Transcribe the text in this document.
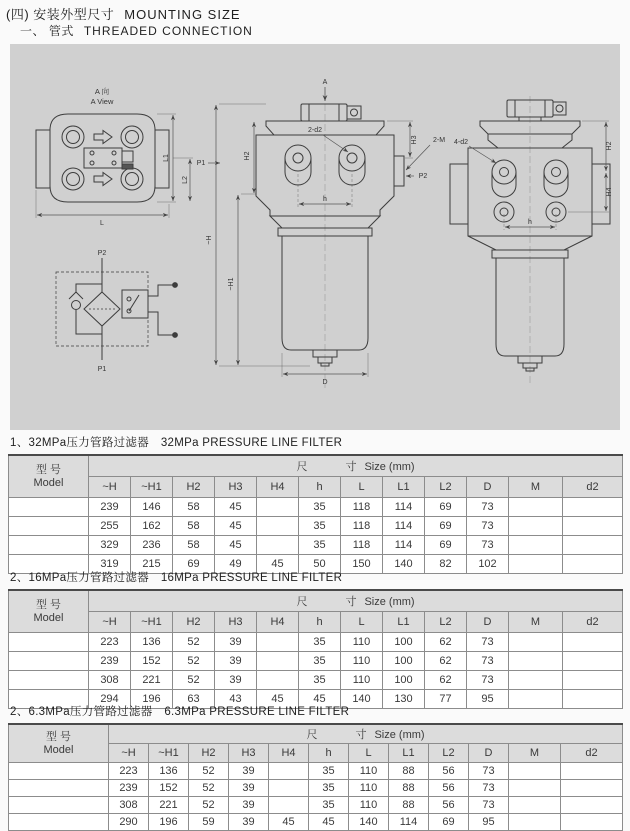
(四) 安装外型尺寸 MOUNTING SIZE
一、 管式 THREADED CONNECTION
A 向
A View
L1
L2
L
P2
P1
A
~H
~H1
H2
H3
P1
2-d2
2-M
P2
h
D
4-d2	H2
H4
h
1、32MPa压力管路过滤器　32MPa PRESSURE LINE FILTER
型 号
Model	尺 寸 Size (mm)											
	~H	~H1	H2	H3	H4	h	L	L1	L2	D	M	d2
	239	146	58	45		35	118	114	69	73		
	255	162	58	45		35	118	114	69	73		
	329	236	58	45		35	118	114	69	73		
	319	215	69	49	45	50	150	140	82	102		
2、16MPa压力管路过滤器　16MPa PRESSURE LINE FILTER
型 号
Model	尺 寸 Size (mm)											
	~H	~H1	H2	H3	H4	h	L	L1	L2	D	M	d2
	223	136	52	39		35	110	100	62	73		
	239	152	52	39		35	110	100	62	73		
	308	221	52	39		35	110	100	62	73		
	294	196	63	43	45	45	140	130	77	95		
2、6.3MPa压力管路过滤器　6.3MPa PRESSURE LINE FILTER
型 号
Model	尺 寸 Size (mm)											
	~H	~H1	H2	H3	H4	h	L	L1	L2	D	M	d2
	223	136	52	39		35	110	88	56	73		
	239	152	52	39		35	110	88	56	73		
	308	221	52	39		35	110	88	56	73		
	290	196	59	39	45	45	140	114	69	95		
